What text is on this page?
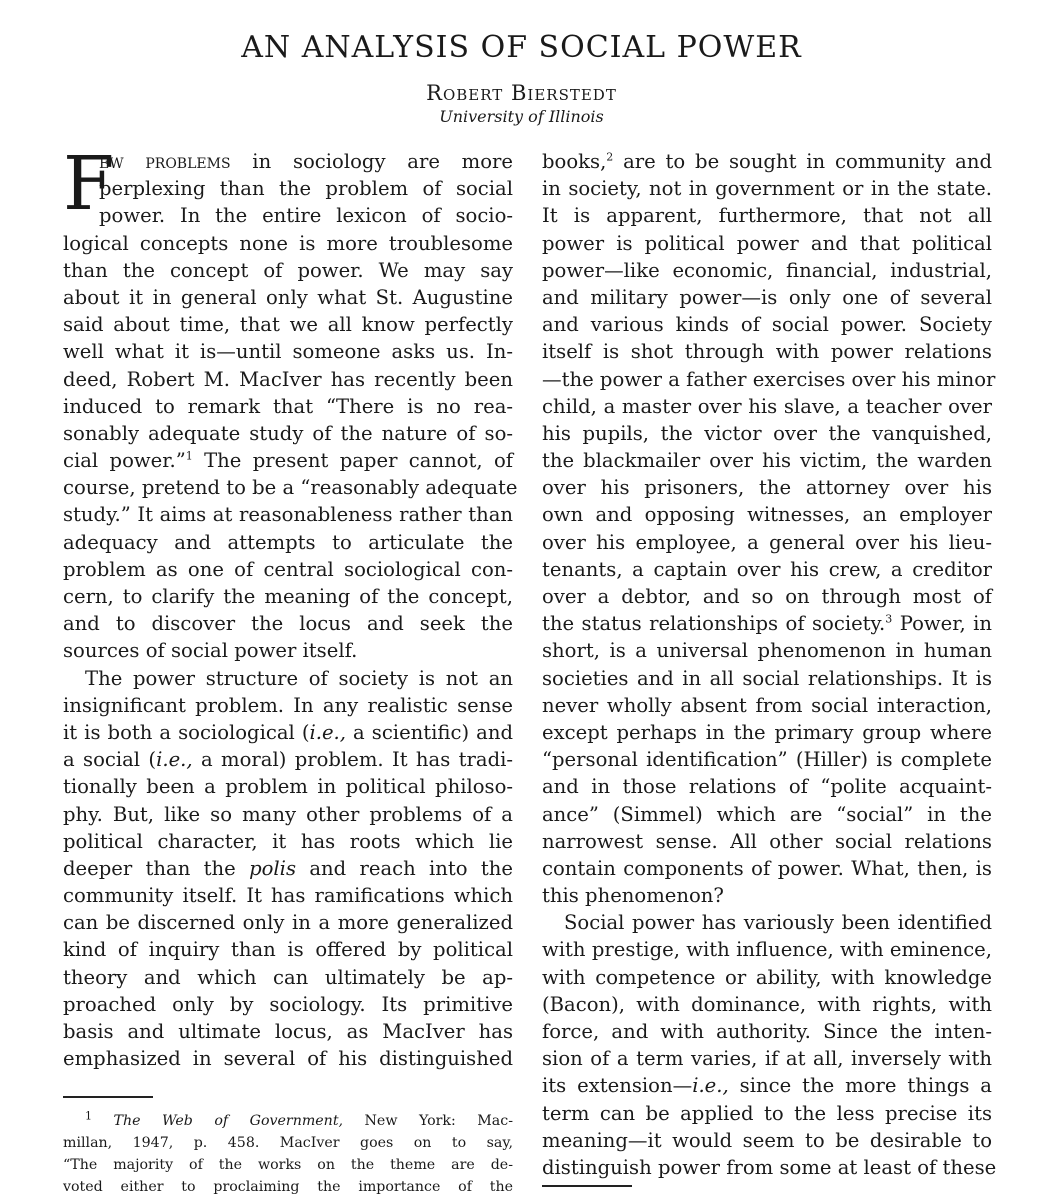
AN ANALYSIS OF SOCIAL POWER
Robert Bierstedt
University of Illinois
F
ew problems in sociology are more
perplexing than the problem of social
power. In the entire lexicon of socio-
logical concepts none is more troublesome
than the concept of power. We may say
about it in general only what St. Augustine
said about time, that we all know perfectly
well what it is—until someone asks us. In-
deed, Robert M. MacIver has recently been
induced to remark that “There is no rea-
sonably adequate study of the nature of so-
cial power.”$^1$ The present paper cannot, of
course, pretend to be a “reasonably adequate
study.” It aims at reasonableness rather than
adequacy and attempts to articulate the
problem as one of central sociological con-
cern, to clarify the meaning of the concept,
and to discover the locus and seek the
sources of social power itself.
The power structure of society is not an
insignificant problem. In any realistic sense
it is both a sociological (i.e., a scientific) and
a social (i.e., a moral) problem. It has tradi-
tionally been a problem in political philoso-
phy. But, like so many other problems of a
political character, it has roots which lie
deeper than the polis and reach into the
community itself. It has ramifications which
can be discerned only in a more generalized
kind of inquiry than is offered by political
theory and which can ultimately be ap-
proached only by sociology. Its primitive
basis and ultimate locus, as MacIver has
emphasized in several of his distinguished
$^1$ The Web of Government, New York: Mac-
millan, 1947, p. 458. MacIver goes on to say,
“The majority of the works on the theme are de-
voted either to proclaiming the importance of the
books,$^2$ are to be sought in community and
in society, not in government or in the state.
It is apparent, furthermore, that not all
power is political power and that political
power—like economic, financial, industrial,
and military power—is only one of several
and various kinds of social power. Society
itself is shot through with power relations
—the power a father exercises over his minor
child, a master over his slave, a teacher over
his pupils, the victor over the vanquished,
the blackmailer over his victim, the warden
over his prisoners, the attorney over his
own and opposing witnesses, an employer
over his employee, a general over his lieu-
tenants, a captain over his crew, a creditor
over a debtor, and so on through most of
the status relationships of society.$^3$ Power, in
short, is a universal phenomenon in human
societies and in all social relationships. It is
never wholly absent from social interaction,
except perhaps in the primary group where
“personal identification” (Hiller) is complete
and in those relations of “polite acquaint-
ance” (Simmel) which are “social” in the
narrowest sense. All other social relations
contain components of power. What, then, is
this phenomenon?
Social power has variously been identified
with prestige, with influence, with eminence,
with competence or ability, with knowledge
(Bacon), with dominance, with rights, with
force, and with authority. Since the inten-
sion of a term varies, if at all, inversely with
its extension—i.e., since the more things a
term can be applied to the less precise its
meaning—it would seem to be desirable to
distinguish power from some at least of these
